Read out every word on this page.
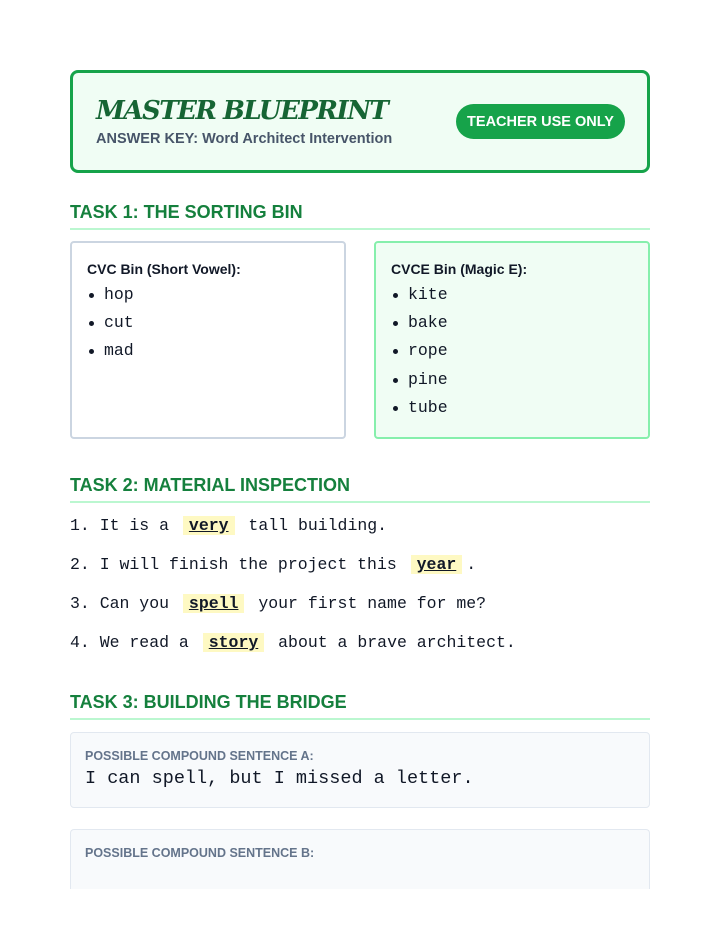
MASTER BLUEPRINT
ANSWER KEY: Word Architect Intervention
TEACHER USE ONLY
TASK 1: THE SORTING BIN
CVC Bin (Short Vowel):
hop
cut
mad
CVCE Bin (Magic E):
kite
bake
rope
pine
tube
TASK 2: MATERIAL INSPECTION
1. It is a very tall building.
2. I will finish the project this year .
3. Can you spell your first name for me?
4. We read a story about a brave architect.
TASK 3: BUILDING THE BRIDGE
POSSIBLE COMPOUND SENTENCE A:
I can spell, but I missed a letter.
POSSIBLE COMPOUND SENTENCE B:
